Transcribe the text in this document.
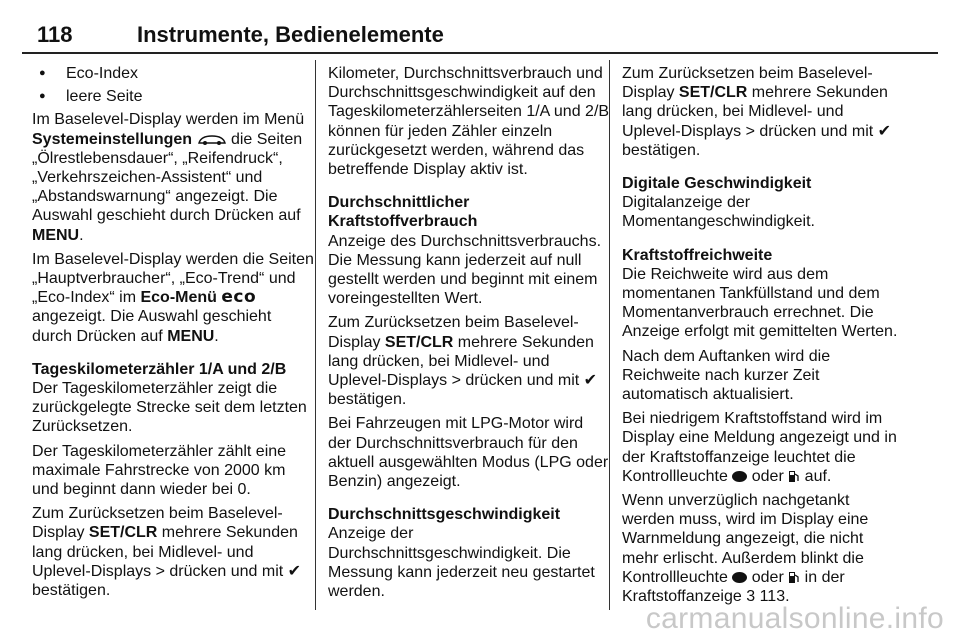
118	Instrumente, Bedienelemente
● Eco-Index
● leere Seite

Im Baselevel-Display werden im Menü Systemeinstellungen  die Seiten „Ölrestlebensdauer“, „Reifendruck“, „Verkehrszeichen-Assistent“ und „Abstandswarnung“ angezeigt. Die Auswahl geschieht durch Drücken auf MENU.

Im Baselevel-Display werden die Seiten „Hauptverbraucher“, „Eco-Trend“ und „Eco-Index“ im Eco-Menü eco angezeigt. Die Auswahl geschieht durch Drücken auf MENU.

Tageskilometerzähler 1/A und 2/B

Der Tageskilometerzähler zeigt die zurückgelegte Strecke seit dem letzten Zurücksetzen.

Der Tageskilometerzähler zählt eine maximale Fahrstrecke von 2000 km und beginnt dann wieder bei 0.

Zum Zurücksetzen beim Baselevel-Display SET/CLR mehrere Sekunden lang drücken, bei Midlevel- und Uplevel-Displays > drücken und mit ✔ bestätigen.

Kilometer, Durchschnittsverbrauch und Durchschnittsgeschwindigkeit auf den Tageskilometerzählerseiten 1/A und 2/B können für jeden Zähler einzeln zurückgesetzt werden, während das betreffende Display aktiv ist.

Durchschnittlicher
Kraftstoffverbrauch

Anzeige des Durchschnittsverbrauchs. Die Messung kann jederzeit auf null gestellt werden und beginnt mit einem voreingestellten Wert.

Zum Zurücksetzen beim Baselevel-Display SET/CLR mehrere Sekunden lang drücken, bei Midlevel- und Uplevel-Displays > drücken und mit ✔ bestätigen.

Bei Fahrzeugen mit LPG-Motor wird der Durchschnittsverbrauch für den aktuell ausgewählten Modus (LPG oder Benzin) angezeigt.

Durchschnittsgeschwindigkeit

Anzeige der Durchschnittsgeschwindigkeit. Die Messung kann jederzeit neu gestartet werden.

Zum Zurücksetzen beim Baselevel-Display SET/CLR mehrere Sekunden lang drücken, bei Midlevel- und Uplevel-Displays > drücken und mit ✔ bestätigen.

Digitale Geschwindigkeit

Digitalanzeige der Momentangeschwindigkeit.

Kraftstoffreichweite

Die Reichweite wird aus dem momentanen Tankfüllstand und dem Momentanverbrauch errechnet. Die Anzeige erfolgt mit gemittelten Werten.

Nach dem Auftanken wird die Reichweite nach kurzer Zeit automatisch aktualisiert.

Bei niedrigem Kraftstoffstand wird im Display eine Meldung angezeigt und in der Kraftstoffanzeige leuchtet die Kontrollleuchte  oder  auf.

Wenn unverzüglich nachgetankt werden muss, wird im Display eine Warnmeldung angezeigt, die nicht mehr erlischt. Außerdem blinkt die Kontrollleuchte  oder  in der Kraftstoffanzeige 3 113.

carmanualsonline.info
